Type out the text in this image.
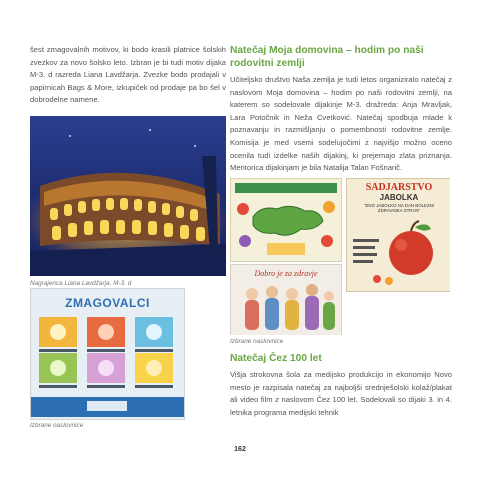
šest zmagovalnih motivov, ki bodo krasili platnice šolskih zvezkov za novo šolsko leto. Izbran je bi tudi motiv dijaka M-3. d razreda Liana Lavdžarja. Zvezke bodo prodajali v papirnicah Bags & More, izkupiček od prodaje pa bo šel v dobrodelne namene.

Nagrajenca Liana Lavdžarja, M-3. d

ZMAGOVALCI

Izbrane naslovnice

Natečaj Moja domovina – hodim po naši rodovitni zemlji

Učiteljsko društvo Naša zemlja je tudi letos organiziralo natečaj z naslovom Moja domovina – hodim po naši rodovitni zemlji, na katerem so sodelovale dijakinje M-3. dražreda: Anja Mravljak, Lara Potočnik in Neža Cvetković. Natečaj spodbuja mlade k poznavanju in razmišljanju o pomembnosti rodovitne zemlje. Komisija je med vsemi sodelujočimi z najvišjo možno oceno ocenila tudi izdelke naših dijakinj, ki prejemajo zlata priznanja. Mentorica dijakinjam je bila Natalija Talan Fošnarič.

SADJARSTVO
JABOLKA
"ENO JABOLKO NA DAN BOLEZNI ZDRAVNIKA STRAN"
Dobro je za zdravje

Izbrane naslovnice

Natečaj Čez 100 let

Višja strokovna šola za medijsko produkcijo in ekonomijo Novo mesto je razpisala natečaj za najboljši srednješolski kolaž/plakat ali video film z naslovom Čez 100 let. Sodelovali so dijaki 3. in 4. letnika programa medijski tehnik

162
